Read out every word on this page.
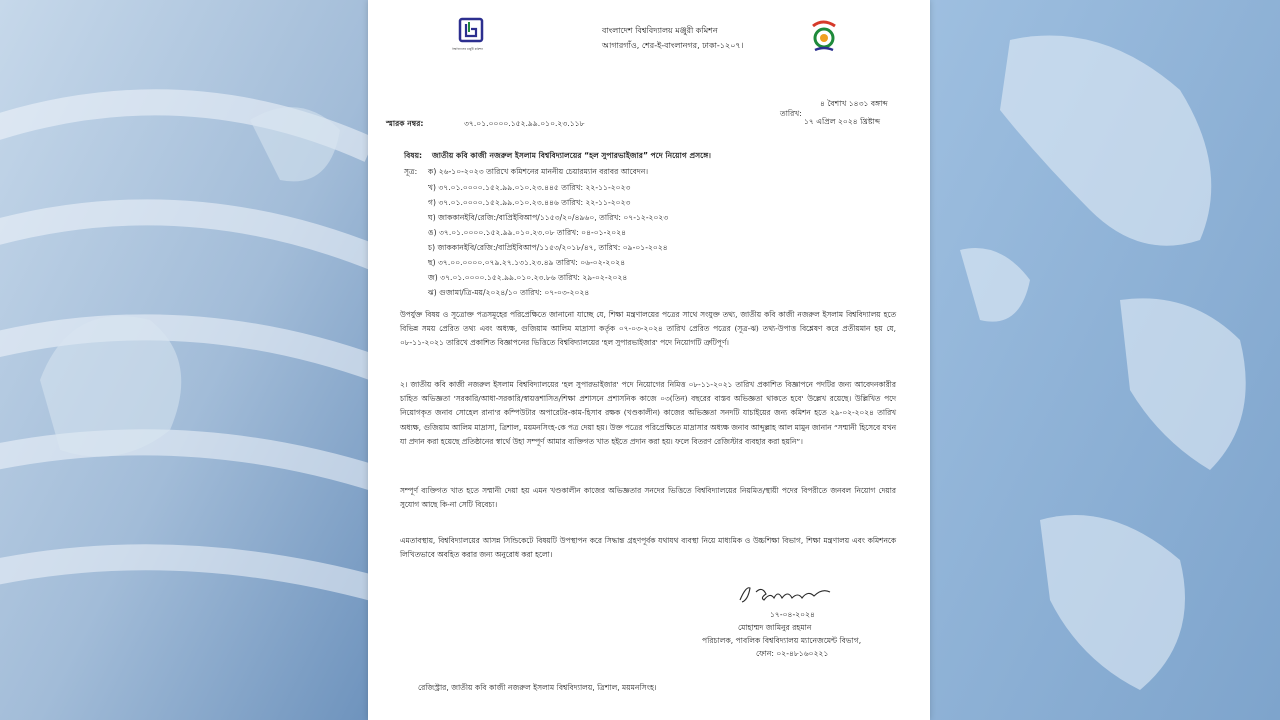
বিশ্ববিদ্যালয় মঞ্জুরী কমিশন
বাংলাদেশ বিশ্ববিদ্যালয় মঞ্জুরী কমিশন
আগারগাঁও, শের-ই-বাংলানগর, ঢাকা-১২০৭।
৪ বৈশাখ ১৪৩১ বঙ্গাব্দ
তারিখ:
১৭ এপ্রিল ২০২৪ খ্রিষ্টাব্দ
স্মারক নম্বর:	৩৭.০১.০০০০.১৫২.৯৯.০১০.২৩.১১৮
বিষয়: জাতীয় কবি কাজী নজরুল ইসলাম বিশ্ববিদ্যালয়ের “হল সুপারভাইজার” পদে নিয়োগ প্রসঙ্গে।
সূত্র: ক) ২৬-১০-২০২৩ তারিখে কমিশনের মাননীয় চেয়ারম্যান বরাবর আবেদন।
খ) ৩৭.০১.০০০০.১৫২.৯৯.০১০.২৩.৪৪৫ তারিখ: ২২-১১-২০২৩
গ) ৩৭.০১.০০০০.১৫২.৯৯.০১০.২৩.৪৪৬ তারিখ: ২২-১১-২০২৩
ঘ) জাককানইবি/রেজি:/বাপ্রিইবিআপ/১১৫৩/২০/৪৯৬০, তারিখ: ০৭-১২-২০২৩
ঙ) ৩৭.০১.০০০০.১৫২.৯৯.০১০.২৩.০৮ তারিখ: ০৪-০১-২০২৪
চ) জাককানইবি/রেজি:/বাপ্রিইবিআপ/১১৫৩/২০১৮/৪৭, তারিখ: ০৯-০১-২০২৪
ছ) ৩৭.০০.০০০০.০৭৯.২৭.১৩১.২৩.৪৯ তারিখ: ০৬-০২-২০২৪
জ) ৩৭.০১.০০০০.১৫২.৯৯.০১০.২৩.৮৬ তারিখ: ২৯-০২-২০২৪
ঝ) গুজামা/ত্রি-ময়/২০২৪/১০ তারিখ: ০৭-০৩-২০২৪
উপর্যুক্ত বিষয় ও সূত্রোক্ত পত্রসমূহের পরিপ্রেক্ষিতে জানানো যাচ্ছে যে, শিক্ষা মন্ত্রণালয়ের পত্রের সাথে সংযুক্ত তথ্য, জাতীয় কবি কাজী নজরুল ইসলাম বিশ্ববিদ্যালয় হতে বিভিন্ন সময় প্রেরিত তথ্য এবং অধ্যক্ষ, গুজিয়াম আলিম মাদ্রাসা কর্তৃক ০৭-০৩-২০২৪ তারিখ প্রেরিত পত্রের (সূত্র-ঝ) তথ্য-উপাত্ত বিশ্লেষণ করে প্রতীয়মান হয় যে, ০৮-১১-২০২১ তারিখে প্রকাশিত বিজ্ঞাপনের ভিত্তিতে বিশ্ববিদ্যালয়ের 'হল সুপারভাইজার' পদে নিয়োগটি ত্রুটিপূর্ণ।
২। জাতীয় কবি কাজী নজরুল ইসলাম বিশ্ববিদ্যালয়ের 'হল সুপারভাইজার' পদে নিয়োগের নিমিত্ত ০৮-১১-২০২১ তারিখ প্রকাশিত বিজ্ঞাপনে পদটির জন্য আবেদনকারীর চাহিত অভিজ্ঞতা 'সরকারি/আধা-সরকারি/স্বায়ত্তশাসিত/শিক্ষা প্রশাসনে প্রশাসনিক কাজে ০৩(তিন) বছরের বাস্তব অভিজ্ঞতা থাকতে হবে' উল্লেখ রয়েছে। উল্লিখিত পদে নিয়োগকৃত জনাব সোহেল রানা'র কম্পিউটার অপারেটর-কাম-হিসাব রক্ষক (খণ্ডকালীন) কাজের অভিজ্ঞতা সনদটি যাচাইয়ের জন্য কমিশন হতে ২৯-০২-২০২৪ তারিখ অধ্যক্ষ, গুজিয়াম আলিম মাদ্রাসা, ত্রিশাল, ময়মনসিংহ-কে পত্র দেয়া হয়। উক্ত পত্রের পরিপ্রেক্ষিতে মাদ্রাসার অধ্যক্ষ জনাব আব্দুল্লাহ আল মামুন জানান “সম্মানী হিসেবে যখন যা প্রদান করা হয়েছে প্রতিষ্ঠানের স্বার্থে উহা সম্পূর্ণ আমার ব্যক্তিগত খাত হইতে প্রদান করা হয়। ফলে বিতরণ রেজিস্টার ব্যবহার করা হয়নি”।
সম্পূর্ণ ব্যক্তিগত খাত হতে সম্মানী দেয়া হয় এমন খণ্ডকালীন কাজের অভিজ্ঞতার সনদের ভিত্তিতে বিশ্ববিদ্যালয়ের নিয়মিত/স্থায়ী পদের বিপরীতে জনবল নিয়োগ দেয়ার সুযোগ আছে কি-না সেটি বিবেচ্য।
এমতাবস্থায়, বিশ্ববিদ্যালয়ের আসন্ন সিন্ডিকেটে বিষয়টি উপস্থাপন করে সিদ্ধান্ত গ্রহণপূর্বক যথাযথ ব্যবস্থা নিয়ে মাধ্যমিক ও উচ্চশিক্ষা বিভাগ, শিক্ষা মন্ত্রণালয় এবং কমিশনকে লিখিতভাবে অবহিত করার জন্য অনুরোধ করা হলো।
১৭-০৪-২০২৪
মোহাম্মদ জামিনুর রহমান
পরিচালক, পাবলিক বিশ্ববিদ্যালয় ম্যানেজমেন্ট বিভাগ,
ফোন: ০২-৪৮১৬০২২১
রেজিস্ট্রার, জাতীয় কবি কাজী নজরুল ইসলাম বিশ্ববিদ্যালয়, ত্রিশাল, ময়মনসিংহ।
